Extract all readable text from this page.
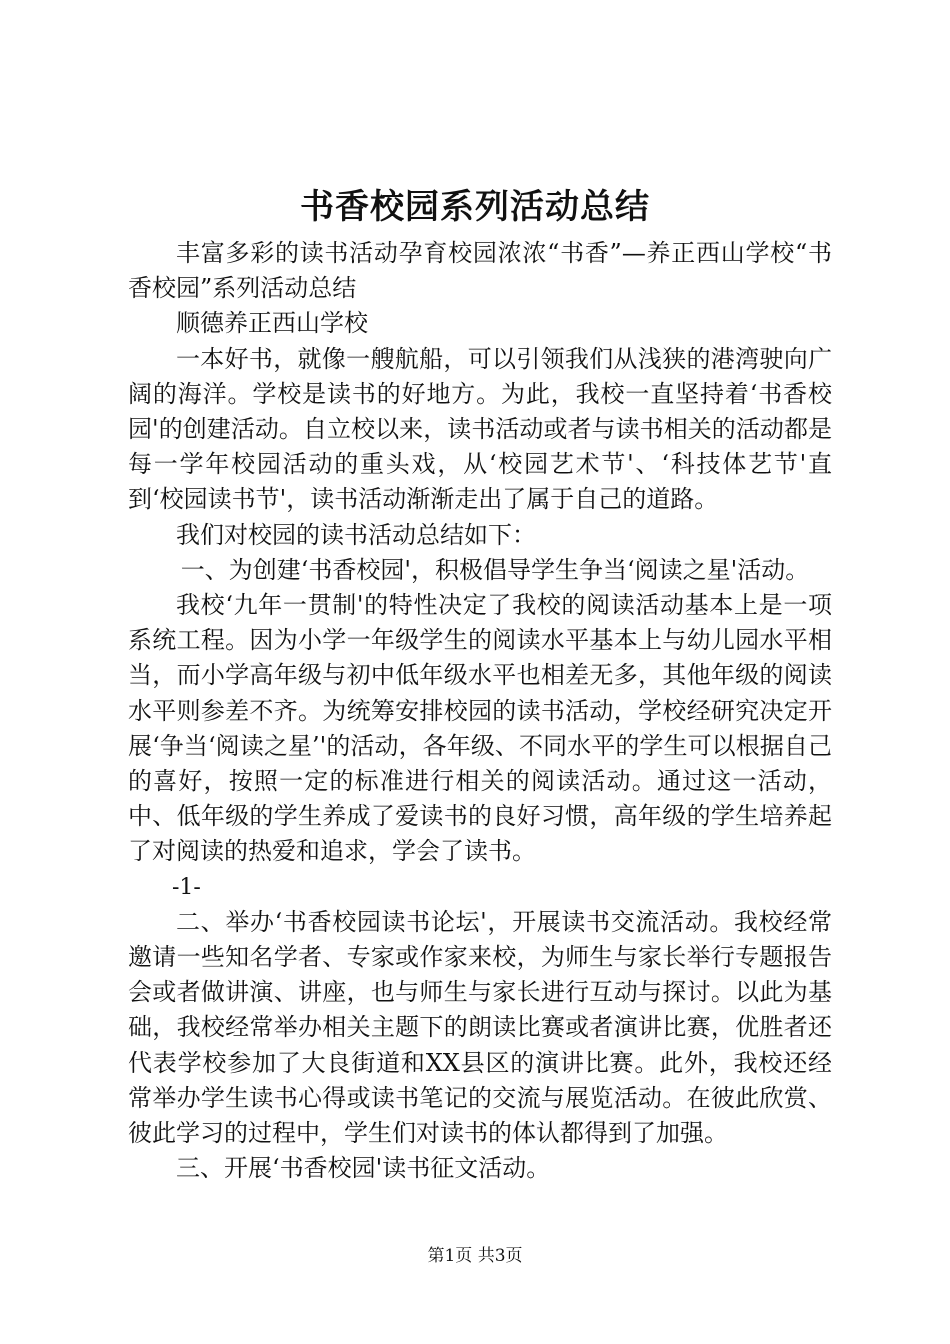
书香校园系列活动总结

丰富多彩的读书活动孕育校园浓浓“书香”—养正西山学校“书香校园”系列活动总结

顺德养正西山学校

一本好书，就像一艘航船，可以引领我们从浅狭的港湾驶向广阔的海洋。学校是读书的好地方。为此，我校一直坚持着‘书香校园'的创建活动。自立校以来，读书活动或者与读书相关的活动都是每一学年校园活动的重头戏，从‘校园艺术节'、‘科技体艺节'直到‘校园读书节'，读书活动渐渐走出了属于自己的道路。

我们对校园的读书活动总结如下：

一、为创建‘书香校园'，积极倡导学生争当‘阅读之星'活动。

我校‘九年一贯制'的特性决定了我校的阅读活动基本上是一项系统工程。因为小学一年级学生的阅读水平基本上与幼儿园水平相当，而小学高年级与初中低年级水平也相差无多，其他年级的阅读水平则参差不齐。为统筹安排校园的读书活动，学校经研究决定开展‘争当‘阅读之星’'的活动，各年级、不同水平的学生可以根据自己的喜好，按照一定的标准进行相关的阅读活动。通过这一活动，中、低年级的学生养成了爱读书的良好习惯，高年级的学生培养起了对阅读的热爱和追求，学会了读书。

-1-

二、举办‘书香校园读书论坛'，开展读书交流活动。我校经常邀请一些知名学者、专家或作家来校，为师生与家长举行专题报告会或者做讲演、讲座，也与师生与家长进行互动与探讨。以此为基础，我校经常举办相关主题下的朗读比赛或者演讲比赛，优胜者还代表学校参加了大良街道和XX县区的演讲比赛。此外，我校还经常举办学生读书心得或读书笔记的交流与展览活动。在彼此欣赏、彼此学习的过程中，学生们对读书的体认都得到了加强。

三、开展‘书香校园'读书征文活动。

第1页 共3页
